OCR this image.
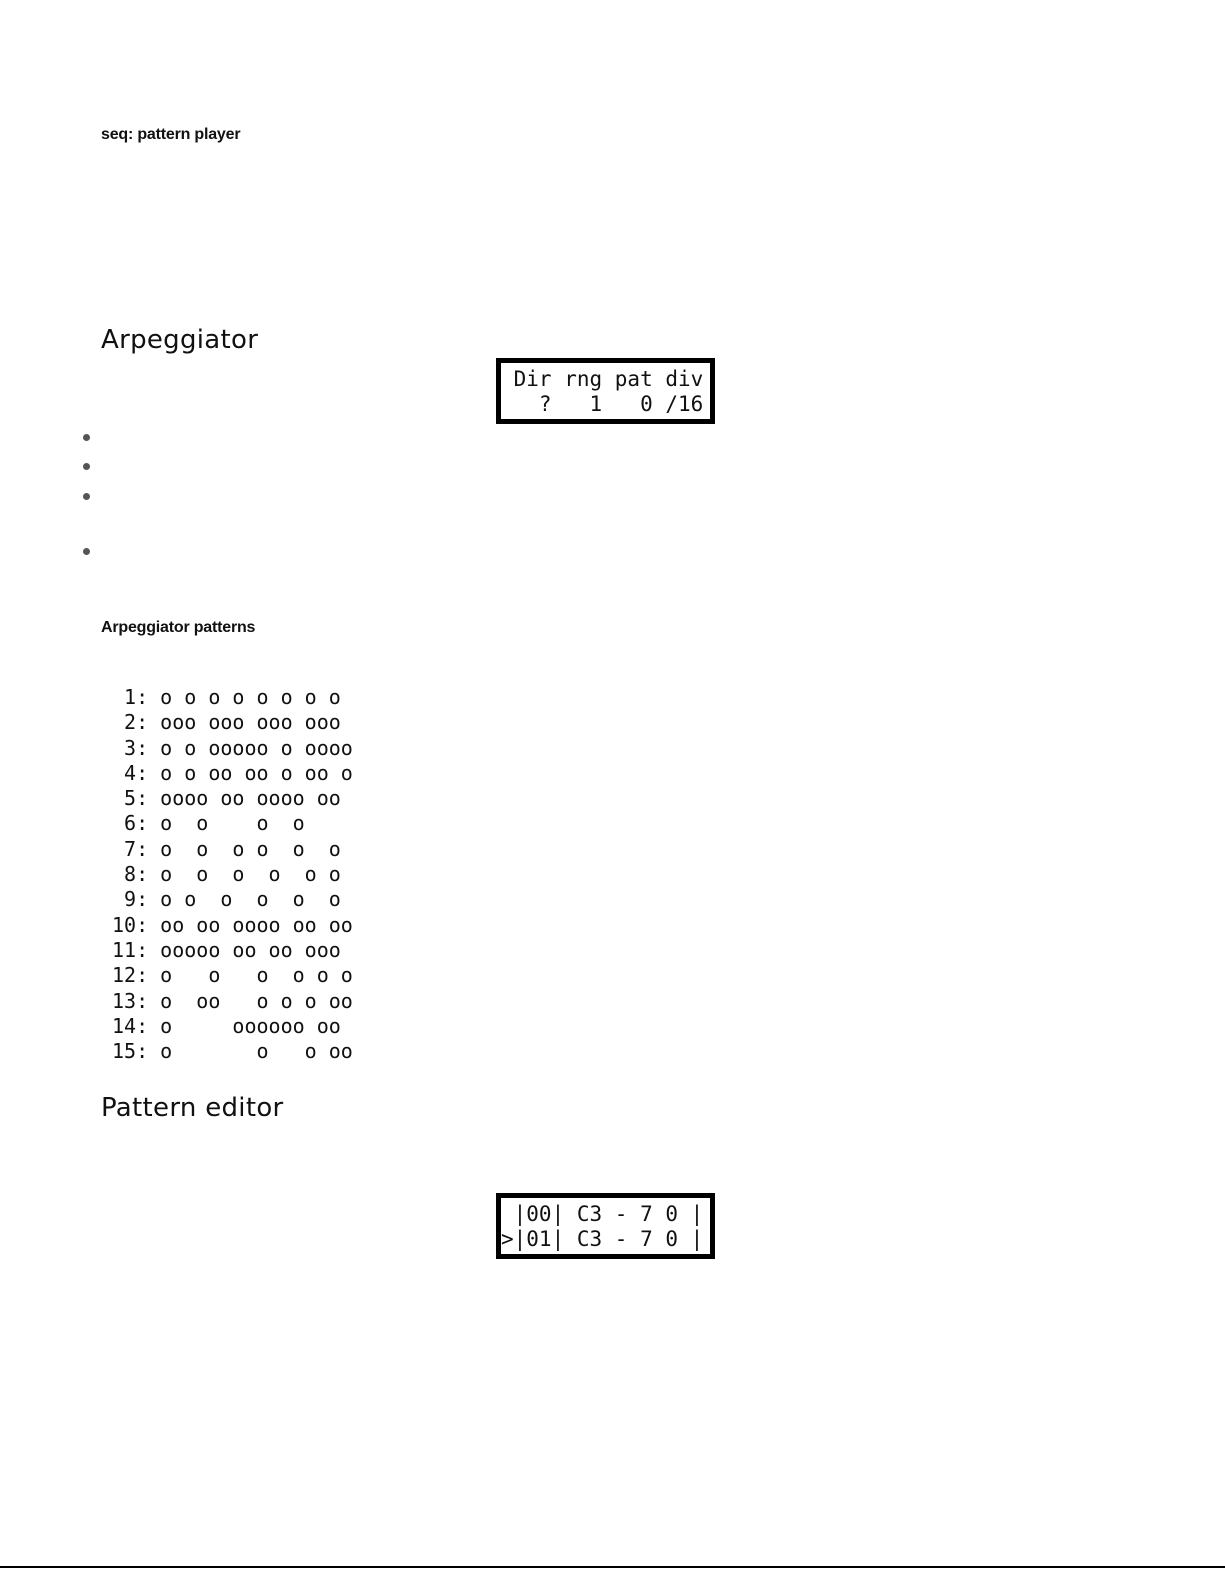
seq: pattern player
Arpeggiator
Dir rng pat div
?   1   0 /16
Arpeggiator patterns
1: o o o o o o o o
2: ooo ooo ooo ooo
3: o o ooooo o oooo
4: o o oo oo o oo o
5: oooo oo oooo oo
6: o  o    o  o
7: o  o  o o  o  o
8: o  o  o  o  o o
9: o o  o  o  o  o
10: oo oo oooo oo oo
11: ooooo oo oo ooo
12: o   o   o  o o o
13: o  oo   o o o oo
14: o     oooooo oo
15: o       o   o oo
Pattern editor
|00| C3 - 7 0 |
>|01| C3 - 7 0 |
